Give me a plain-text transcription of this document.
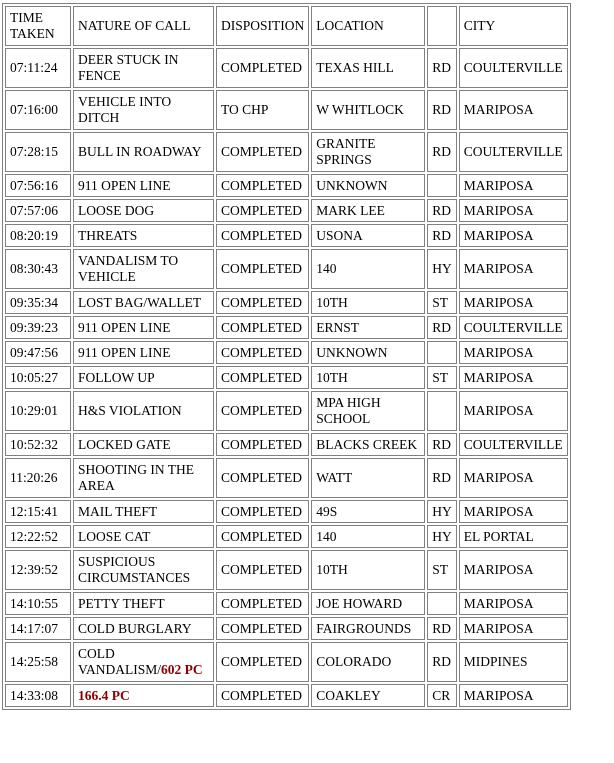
TIME
TAKEN	NATURE OF CALL	DISPOSITION	LOCATION		CITY
07:11:24	DEER STUCK IN FENCE	COMPLETED	TEXAS HILL	RD	COULTERVILLE
07:16:00	VEHICLE INTO DITCH	TO CHP	W WHITLOCK	RD	MARIPOSA
07:28:15	BULL IN ROADWAY	COMPLETED	GRANITE SPRINGS	RD	COULTERVILLE
07:56:16	911 OPEN LINE	COMPLETED	UNKNOWN		MARIPOSA
07:57:06	LOOSE DOG	COMPLETED	MARK LEE	RD	MARIPOSA
08:20:19	THREATS	COMPLETED	USONA	RD	MARIPOSA
08:30:43	VANDALISM TO VEHICLE	COMPLETED	140	HY	MARIPOSA
09:35:34	LOST BAG/WALLET	COMPLETED	10TH	ST	MARIPOSA
09:39:23	911 OPEN LINE	COMPLETED	ERNST	RD	COULTERVILLE
09:47:56	911 OPEN LINE	COMPLETED	UNKNOWN		MARIPOSA
10:05:27	FOLLOW UP	COMPLETED	10TH	ST	MARIPOSA
10:29:01	H&S VIOLATION	COMPLETED	MPA HIGH SCHOOL		MARIPOSA
10:52:32	LOCKED GATE	COMPLETED	BLACKS CREEK	RD	COULTERVILLE
11:20:26	SHOOTING IN THE AREA	COMPLETED	WATT	RD	MARIPOSA
12:15:41	MAIL THEFT	COMPLETED	49S	HY	MARIPOSA
12:22:52	LOOSE CAT	COMPLETED	140	HY	EL PORTAL
12:39:52	SUSPICIOUS CIRCUMSTANCES	COMPLETED	10TH	ST	MARIPOSA
14:10:55	PETTY THEFT	COMPLETED	JOE HOWARD		MARIPOSA
14:17:07	COLD BURGLARY	COMPLETED	FAIRGROUNDS	RD	MARIPOSA
14:25:58	COLD VANDALISM/602 PC	COMPLETED	COLORADO	RD	MIDPINES
14:33:08	166.4 PC	COMPLETED	COAKLEY	CR	MARIPOSA
